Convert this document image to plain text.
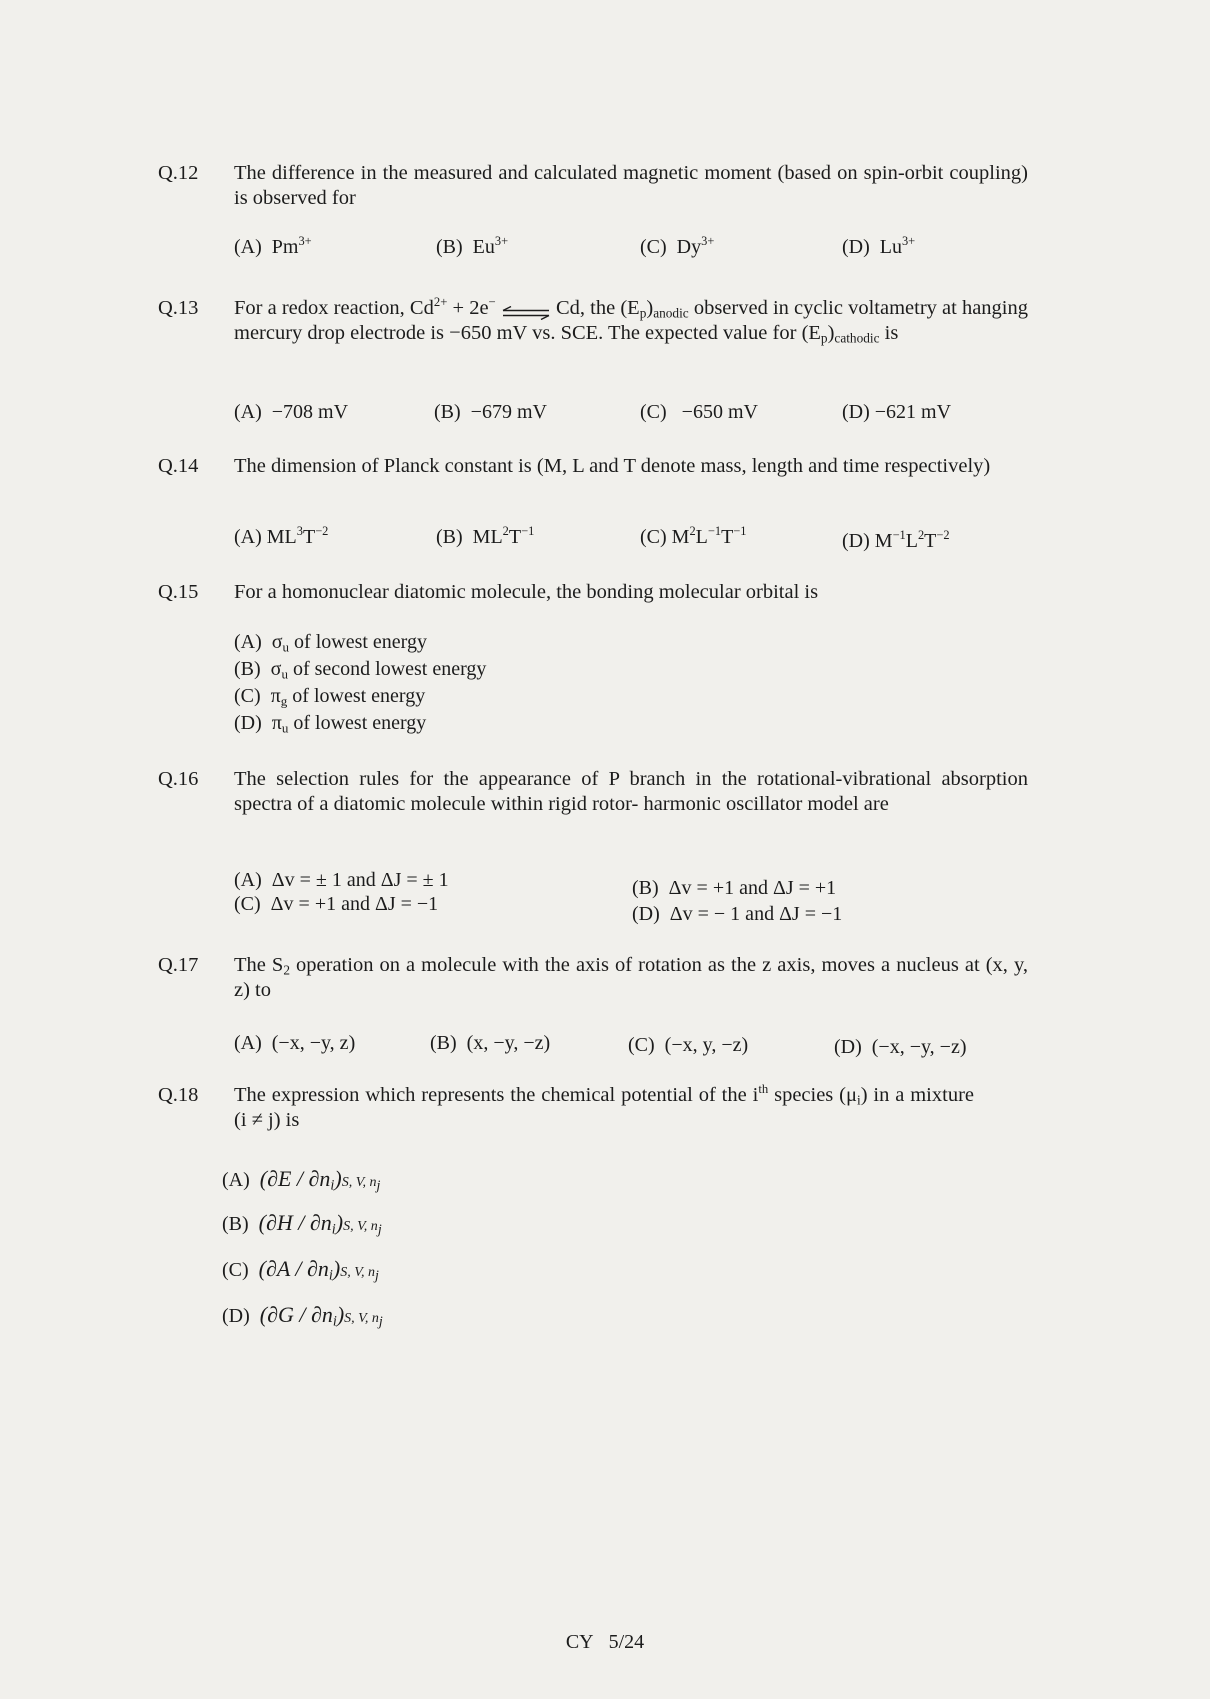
Q.12 The difference in the measured and calculated magnetic moment (based on spin-orbit coupling) is observed for
(A) $Pm^{3+}$	(B) $Eu^{3+}$	(C) $Dy^{3+}$	(D) $Lu^{3+}$
Q.13 For a redox reaction, $Cd^{2+} + 2e^-$ ⇌ Cd, the $(E_p)_{anodic}$ observed in cyclic voltametry at hanging mercury drop electrode is −650 mV vs. SCE. The expected value for $(E_p)_{cathodic}$ is
(A) −708 mV	(B) −679 mV	(C) −650 mV	(D) −621 mV
Q.14 The dimension of Planck constant is (M, L and T denote mass, length and time respectively)
(A) $ML^3T^{-2}$	(B) $ML^2T^{-1}$	(C) $M^2L^{-1}T^{-1}$	(D) $M^{-1}L^2T^{-2}$
Q.15 For a homonuclear diatomic molecule, the bonding molecular orbital is
(A) $\sigma_u$ of lowest energy
(B) $\sigma_u$ of second lowest energy
(C) $\pi_g$ of lowest energy
(D) $\pi_u$ of lowest energy
Q.16 The selection rules for the appearance of P branch in the rotational-vibrational absorption spectra of a diatomic molecule within rigid rotor- harmonic oscillator model are
(A) Δv = ± 1 and ΔJ = ± 1	(B) Δv = +1 and ΔJ = +1
(C) Δv = +1 and ΔJ = −1	(D) Δv = − 1 and ΔJ = −1
Q.17 The $S_2$ operation on a molecule with the axis of rotation as the z axis, moves a nucleus at (x, y, z) to
(A) (−x, −y, z)	(B) (x, −y, −z)	(C) (−x, y, −z)	(D) (−x, −y, −z)
Q.18 The expression which represents the chemical potential of the $i^{th}$ species $(\mu_i)$ in a mixture (i ≠ j) is
(A) $(\partial E / \partial n_i)S$, V, $n_j$
(B) $(\partial H / \partial n_i)S$, V, $n_j$
(C) $(\partial A / \partial n_i)S$, V, $n_j$
(D) $(\partial G / \partial n_i)S$, V, $n_j$
CY 5/24
